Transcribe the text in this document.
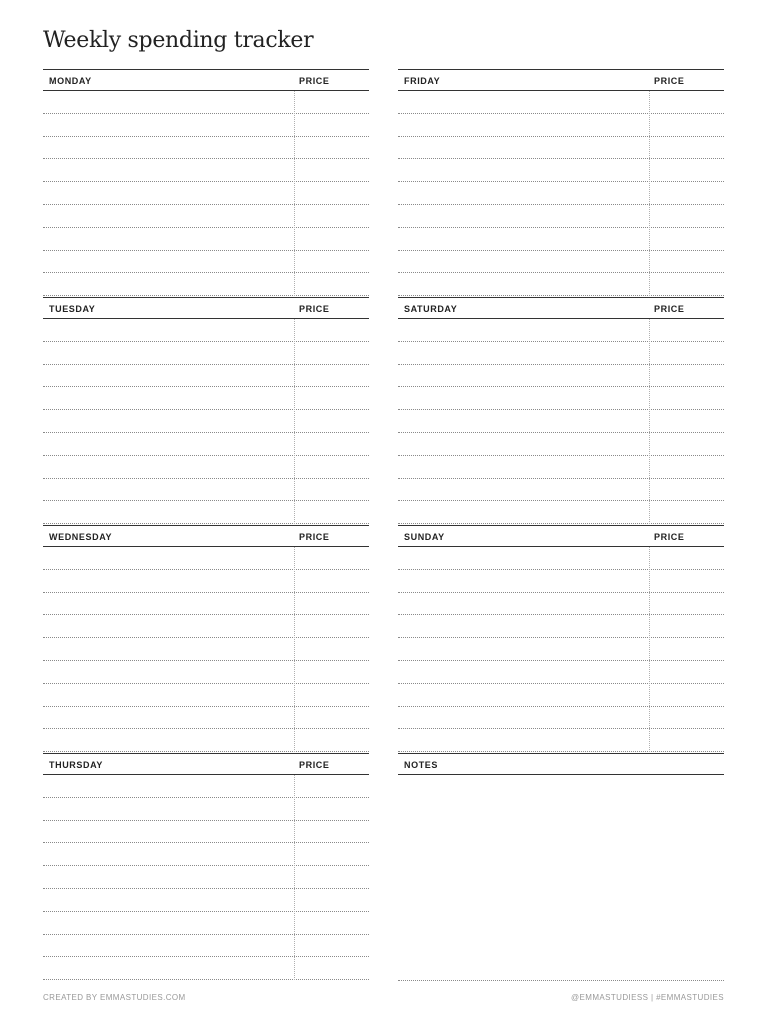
Weekly spending tracker
MONDAY	PRICE
TUESDAY	PRICE
WEDNESDAY	PRICE
THURSDAY	PRICE
FRIDAY	PRICE
SATURDAY	PRICE
SUNDAY	PRICE
NOTES
CREATED BY EMMASTUDIES.COM	@EMMASTUDIESS | #EMMASTUDIES
